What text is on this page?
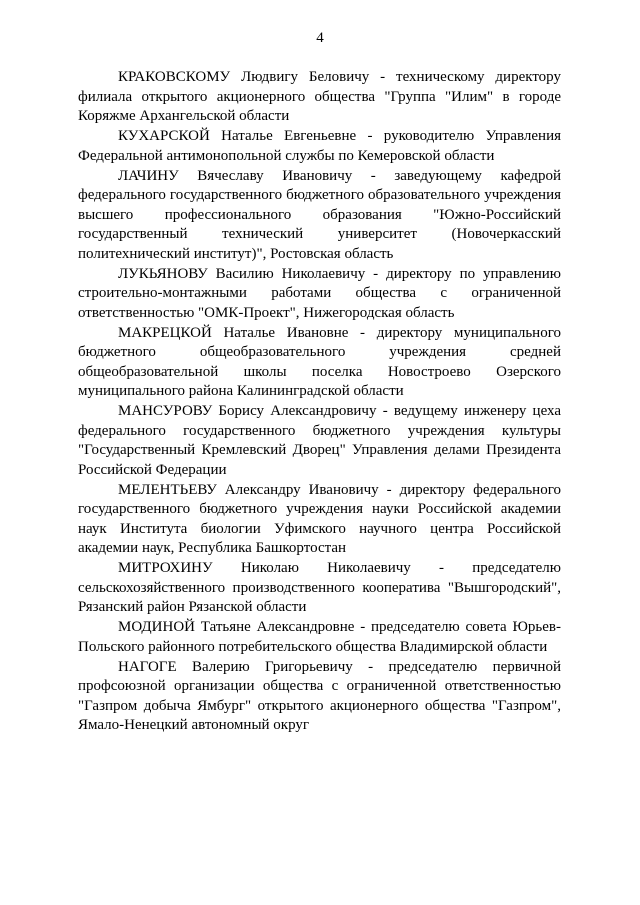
4

КРАКОВСКОМУ Людвигу Беловичу - техническому директору филиала открытого акционерного общества "Группа "Илим" в городе Коряжме Архангельской области

КУХАРСКОЙ Наталье Евгеньевне - руководителю Управления Федеральной антимонопольной службы по Кемеровской области

ЛАЧИНУ Вячеславу Ивановичу - заведующему кафедрой федерального государственного бюджетного образовательного учреждения высшего профессионального образования "Южно-Российский государственный технический университет (Новочеркасский политехнический институт)", Ростовская область

ЛУКЬЯНОВУ Василию Николаевичу - директору по управлению строительно-монтажными работами общества с ограниченной ответственностью "ОМК-Проект", Нижегородская область

МАКРЕЦКОЙ Наталье Ивановне - директору муниципального бюджетного общеобразовательного учреждения средней общеобразовательной школы поселка Новостроево Озерского муниципального района Калининградской области

МАНСУРОВУ Борису Александровичу - ведущему инженеру цеха федерального государственного бюджетного учреждения культуры "Государственный Кремлевский Дворец" Управления делами Президента Российской Федерации

МЕЛЕНТЬЕВУ Александру Ивановичу - директору федерального государственного бюджетного учреждения науки Российской академии наук Института биологии Уфимского научного центра Российской академии наук, Республика Башкортостан

МИТРОХИНУ Николаю Николаевичу - председателю сельскохозяйственного производственного кооператива "Вышгородский", Рязанский район Рязанской области

МОДИНОЙ Татьяне Александровне - председателю совета Юрьев-Польского районного потребительского общества Владимирской области

НАГОГЕ Валерию Григорьевичу - председателю первичной профсоюзной организации общества с ограниченной ответственностью "Газпром добыча Ямбург" открытого акционерного общества "Газпром", Ямало-Ненецкий автономный округ
